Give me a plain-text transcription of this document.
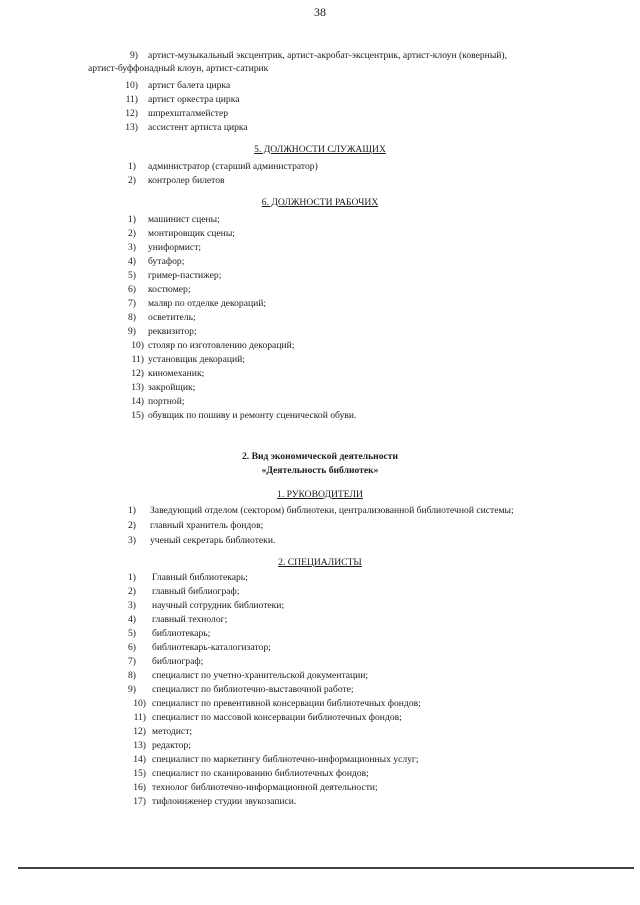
38
9) артист-музыкальный эксцентрик, артист-акробат-эксцентрик, артист-клоун (коверный),
артист-буффонадный клоун, артист-сатирик
10) артист балета цирка
11) артист оркестра цирка
12) шпрехшталмейстер
13) ассистент артиста цирка
5. ДОЛЖНОСТИ СЛУЖАЩИХ
1) администратор (старший администратор)
2) контролер билетов
6. ДОЛЖНОСТИ РАБОЧИХ
1) машинист сцены;
2) монтировщик сцены;
3) униформист;
4) бутафор;
5) гример-пастижер;
6) костюмер;
7) маляр по отделке декораций;
8) осветитель;
9) реквизитор;
10) столяр по изготовлению декораций;
11) установщик декораций;
12) киномеханик;
13) закройщик;
14) портной;
15) обувщик по пошиву и ремонту сценической обуви.
2. Вид экономической деятельности
«Деятельность библиотек»
1. РУКОВОДИТЕЛИ
1) Заведующий отделом (сектором) библиотеки, централизованной библиотечной системы;
2) главный хранитель фондов;
3) ученый секретарь библиотеки.
2. СПЕЦИАЛИСТЫ
1) Главный библиотекарь;
2) главный библиограф;
3) научный сотрудник библиотеки;
4) главный технолог;
5) библиотекарь;
6) библиотекарь-каталогизатор;
7) библиограф;
8) специалист по учетно-хранительской документации;
9) специалист по библиотечно-выставочной работе;
10) специалист по превентивной консервации библиотечных фондов;
11) специалист по массовой консервации библиотечных фондов;
12) методист;
13) редактор;
14) специалист по маркетингу библиотечно-информационных услуг;
15) специалист по сканированию библиотечных фондов;
16) технолог библиотечно-информационной деятельности;
17) тифлоинженер студии звукозаписи.
